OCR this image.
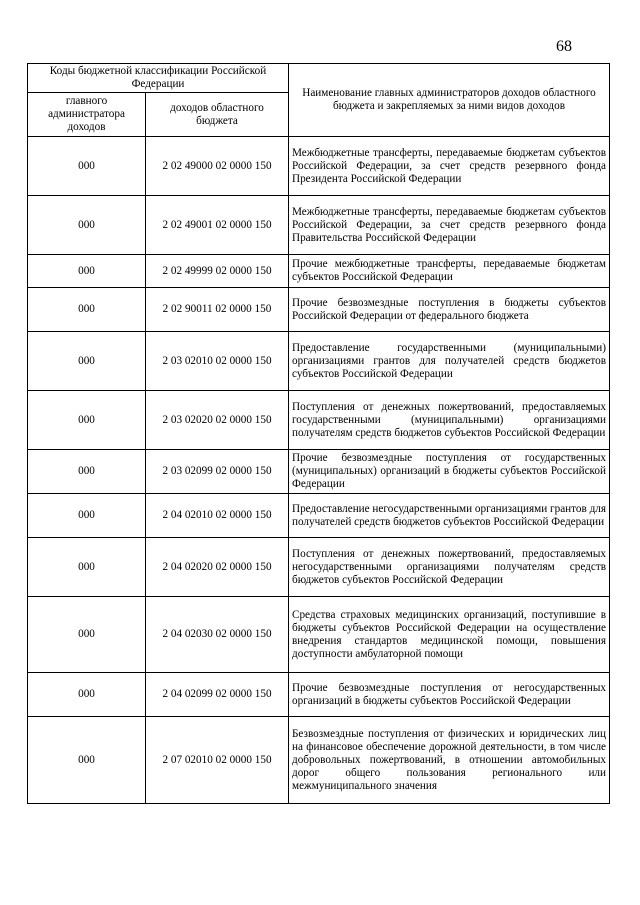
68
Коды бюджетной классификации Российской Федерации		Наименование главных администраторов доходов областного бюджета и закрепляемых за ними видов доходов
главного администратора доходов	доходов областного бюджета	
000	2 02 49000 02 0000 150	Межбюджетные трансферты, передаваемые бюджетам субъектов Российской Федерации, за счет средств резервного фонда Президента Российской Федерации
000	2 02 49001 02 0000 150	Межбюджетные трансферты, передаваемые бюджетам субъектов Российской Федерации, за счет средств резервного фонда Правительства Российской Федерации
000	2 02 49999 02 0000 150	Прочие межбюджетные трансферты, передаваемые бюджетам субъектов Российской Федерации
000	2 02 90011 02 0000 150	Прочие безвозмездные поступления в бюджеты субъектов Российской Федерации от федерального бюджета
000	2 03 02010 02 0000 150	Предоставление государственными (муниципальными) организациями грантов для получателей средств бюджетов субъектов Российской Федерации
000	2 03 02020 02 0000 150	Поступления от денежных пожертвований, предоставляемых государственными (муниципальными) организациями получателям средств бюджетов субъектов Российской Федерации
000	2 03 02099 02 0000 150	Прочие безвозмездные поступления от государственных (муниципальных) организаций в бюджеты субъектов Российской Федерации
000	2 04 02010 02 0000 150	Предоставление негосударственными организациями грантов для получателей средств бюджетов субъектов Российской Федерации
000	2 04 02020 02 0000 150	Поступления от денежных пожертвований, предоставляемых негосударственными организациями получателям средств бюджетов субъектов Российской Федерации
000	2 04 02030 02 0000 150	Средства страховых медицинских организаций, поступившие в бюджеты субъектов Российской Федерации на осуществление внедрения стандартов медицинской помощи, повышения доступности амбулаторной помощи
000	2 04 02099 02 0000 150	Прочие безвозмездные поступления от негосударственных организаций в бюджеты субъектов Российской Федерации
000	2 07 02010 02 0000 150	Безвозмездные поступления от физических и юридических лиц на финансовое обеспечение дорожной деятельности, в том числе добровольных пожертвований, в отношении автомобильных дорог общего пользования регионального или межмуниципального значения
